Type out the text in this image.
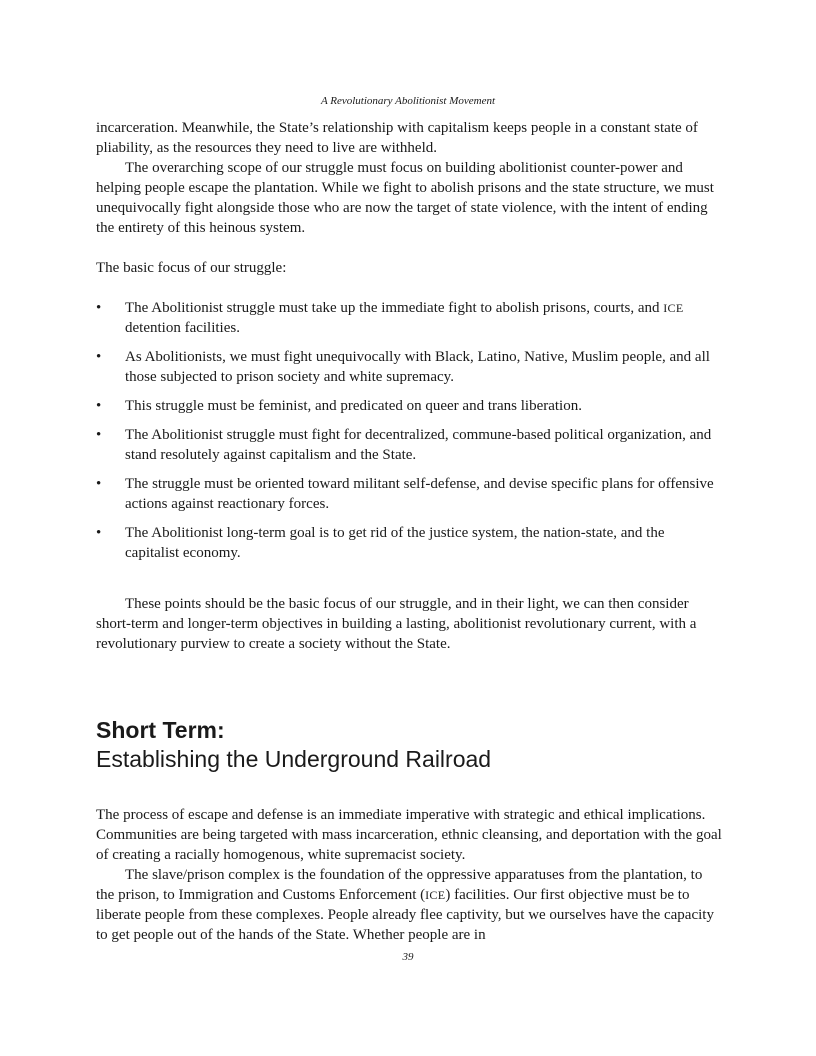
A Revolutionary Abolitionist Movement

incarceration. Meanwhile, the State’s relationship with capitalism keeps people in a constant state of pliability, as the resources they need to live are withheld.

The overarching scope of our struggle must focus on building abolitionist counter-power and helping people escape the plantation. While we fight to abolish prisons and the state structure, we must unequivocally fight alongside those who are now the target of state violence, with the intent of ending the entirety of this heinous system.

The basic focus of our struggle:

• The Abolitionist struggle must take up the immediate fight to abolish prisons, courts, and ICE detention facilities.
• As Abolitionists, we must fight unequivocally with Black, Latino, Native, Muslim people, and all those subjected to prison society and white supremacy.
• This struggle must be feminist, and predicated on queer and trans liberation.
• The Abolitionist struggle must fight for decentralized, commune-based political organization, and stand resolutely against capitalism and the State.
• The struggle must be oriented toward militant self-defense, and devise specific plans for offensive actions against reactionary forces.
• The Abolitionist long-term goal is to get rid of the justice system, the nation-state, and the capitalist economy.

These points should be the basic focus of our struggle, and in their light, we can then consider short-term and longer-term objectives in building a lasting, abolitionist revolutionary current, with a revolutionary purview to create a society without the State.

Short Term:
Establishing the Underground Railroad

The process of escape and defense is an immediate imperative with strategic and ethical implications. Communities are being targeted with mass incarceration, ethnic cleansing, and deportation with the goal of creating a racially homogenous, white supremacist society.

The slave/prison complex is the foundation of the oppressive apparatuses from the plantation, to the prison, to Immigration and Customs Enforcement (ICE) facilities. Our first objective must be to liberate people from these complexes. People already flee captivity, but we ourselves have the capacity to get people out of the hands of the State. Whether people are in

39
